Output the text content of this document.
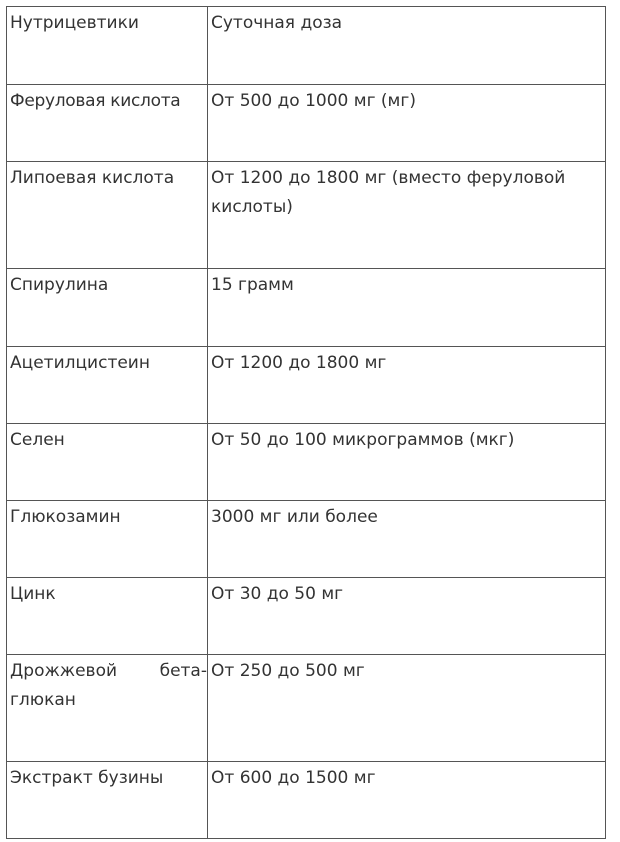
Нутрицевтики	Суточная доза
Феруловая кислота	От 500 до 1000 мг (мг)
Липоевая кислота	От 1200 до 1800 мг (вместо феруловой кислоты)
Спирулина	15 грамм
Ацетилцистеин	От 1200 до 1800 мг
Селен	От 50 до 100 микрограммов (мкг)
Глюкозамин	3000 мг или более
Цинк	От 30 до 50 мг
Дрожжевой бета-глюкан	От 250 до 500 мг
Экстракт бузины	От 600 до 1500 мг
